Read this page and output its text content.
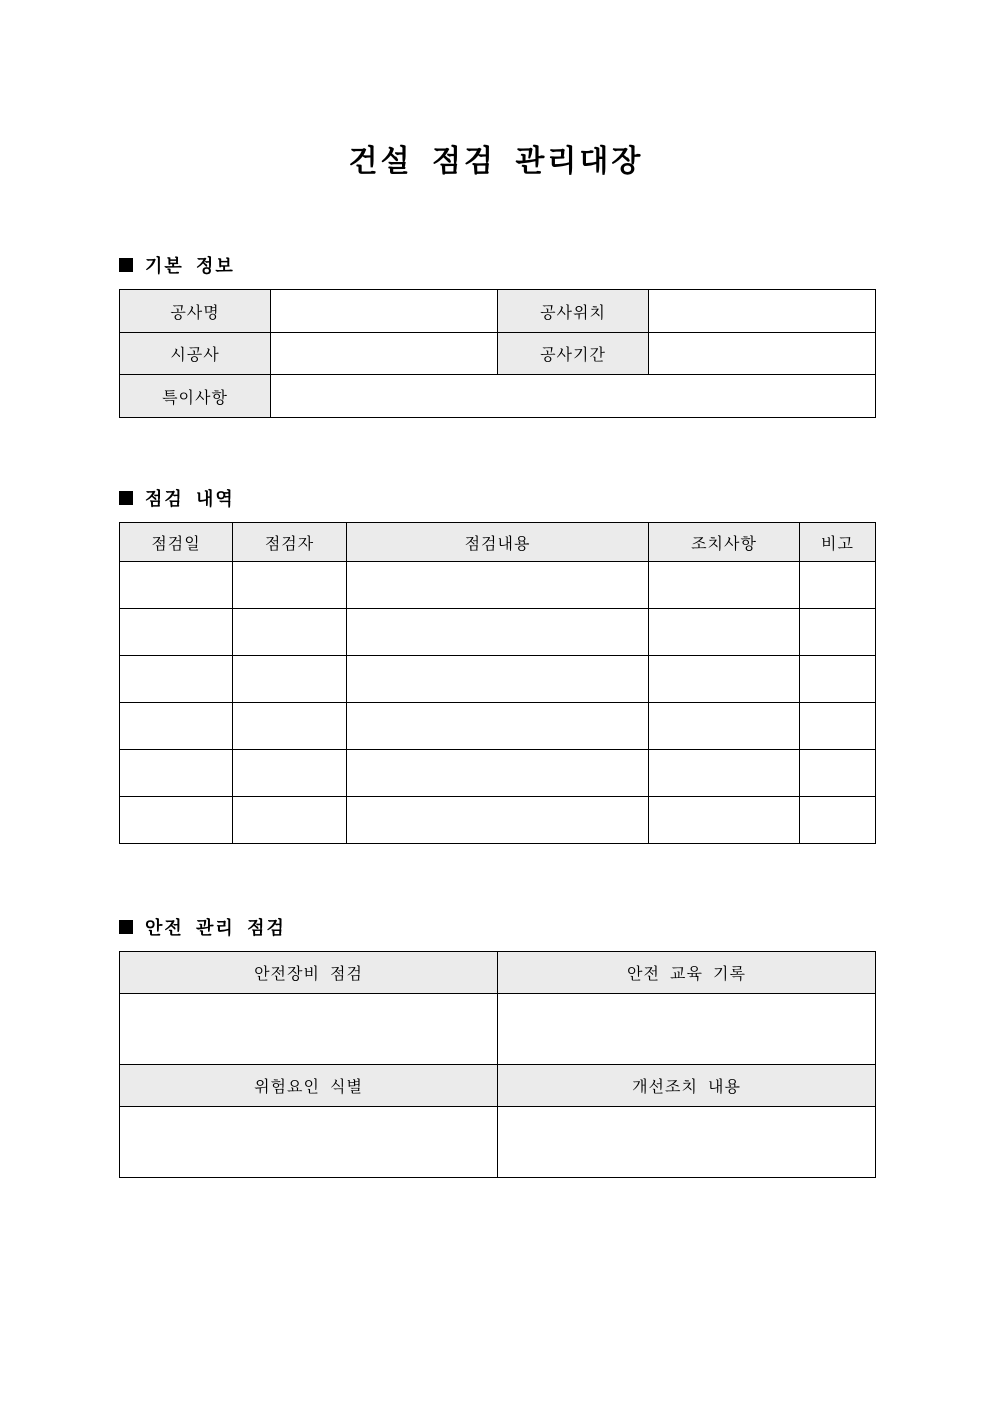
건설 점검 관리대장
기본 정보
공사명		공사위치	
시공사		공사기간	
특이사항			
점검 내역
점검일	점검자	점검내용	조치사항	비고

안전 관리 점검
안전장비 점검	안전 교육 기록

위험요인 식별	개선조치 내용
